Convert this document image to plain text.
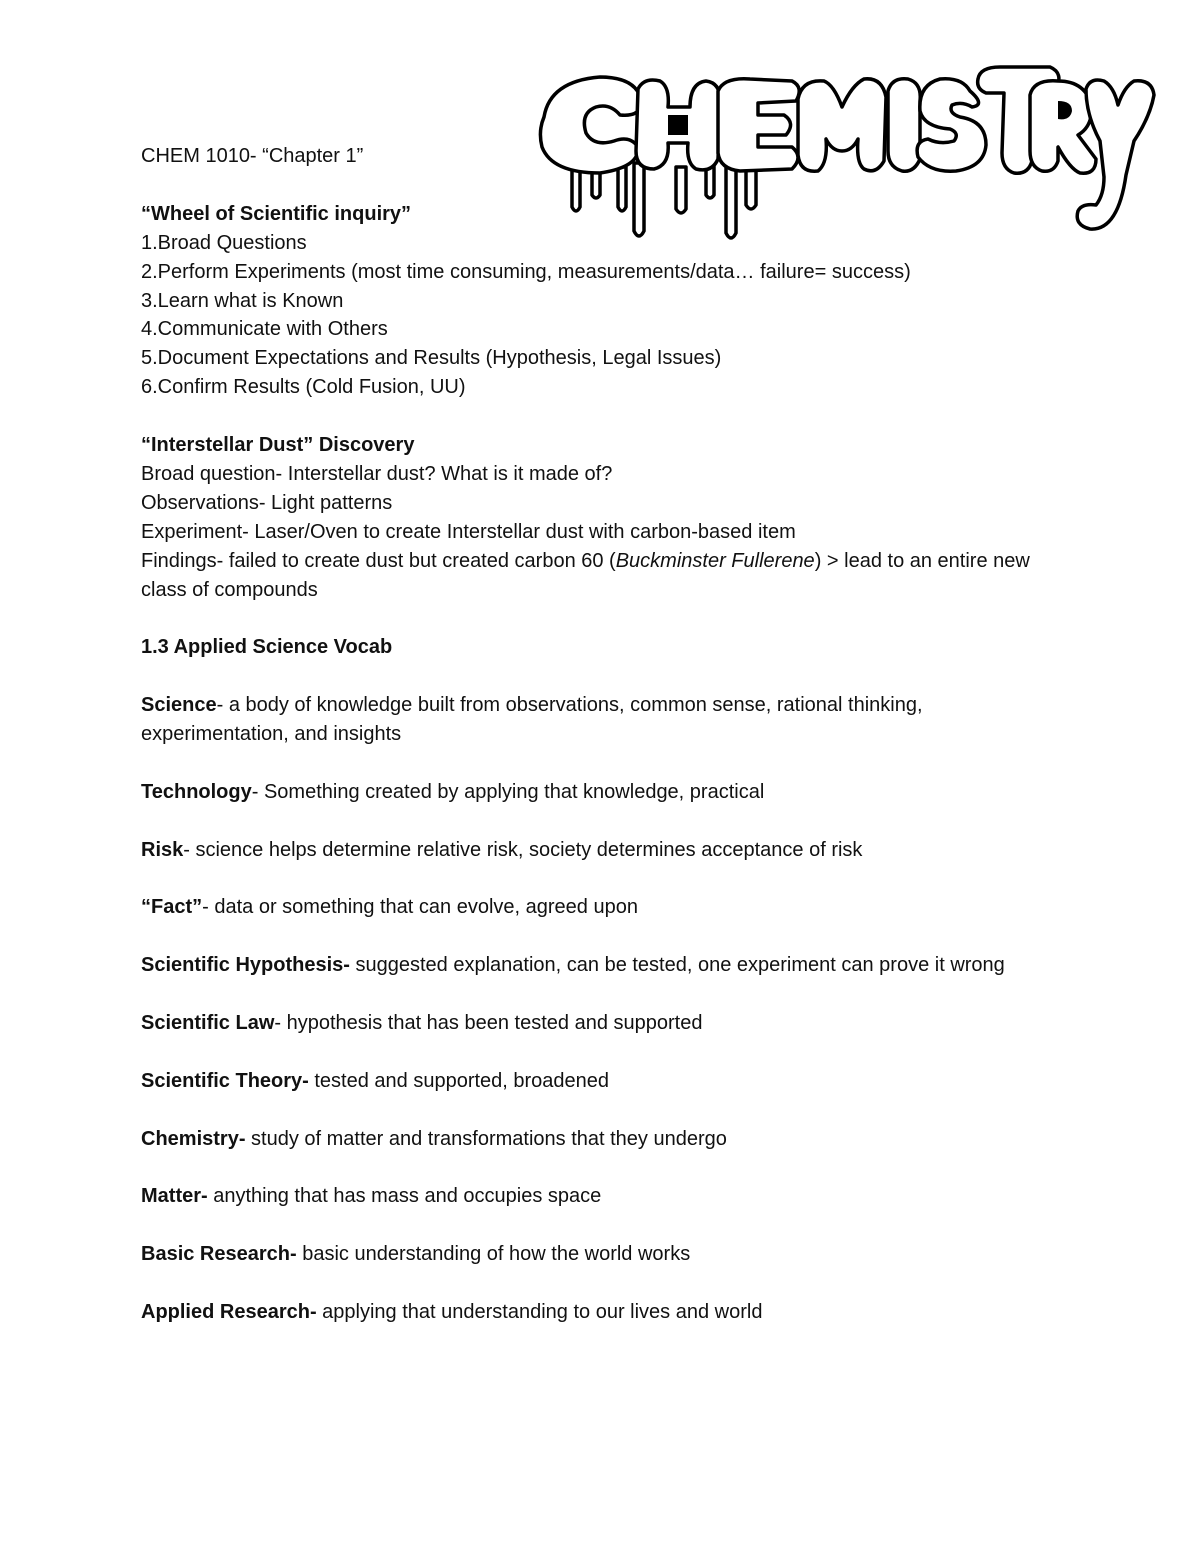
CHEM 1010- “Chapter 1”
“Wheel of Scientific inquiry”
1.Broad Questions
2.Perform Experiments (most time consuming, measurements/data… failure= success)
3.Learn what is Known
4.Communicate with Others
5.Document Expectations and Results (Hypothesis, Legal Issues)
6.Confirm Results (Cold Fusion, UU)
“Interstellar Dust” Discovery
Broad question- Interstellar dust? What is it made of?
Observations- Light patterns
Experiment- Laser/Oven to create Interstellar dust with carbon-based item
Findings- failed to create dust but created carbon 60 (Buckminster Fullerene) > lead to an entire new class of compounds
1.3 Applied Science Vocab
Science- a body of knowledge built from observations, common sense, rational thinking, experimentation, and insights
Technology- Something created by applying that knowledge, practical
Risk- science helps determine relative risk, society determines acceptance of risk
“Fact”- data or something that can evolve, agreed upon
Scientific Hypothesis- suggested explanation, can be tested, one experiment can prove it wrong
Scientific Law- hypothesis that has been tested and supported
Scientific Theory- tested and supported, broadened
Chemistry- study of matter and transformations that they undergo
Matter- anything that has mass and occupies space
Basic Research- basic understanding of how the world works
Applied Research- applying that understanding to our lives and world
